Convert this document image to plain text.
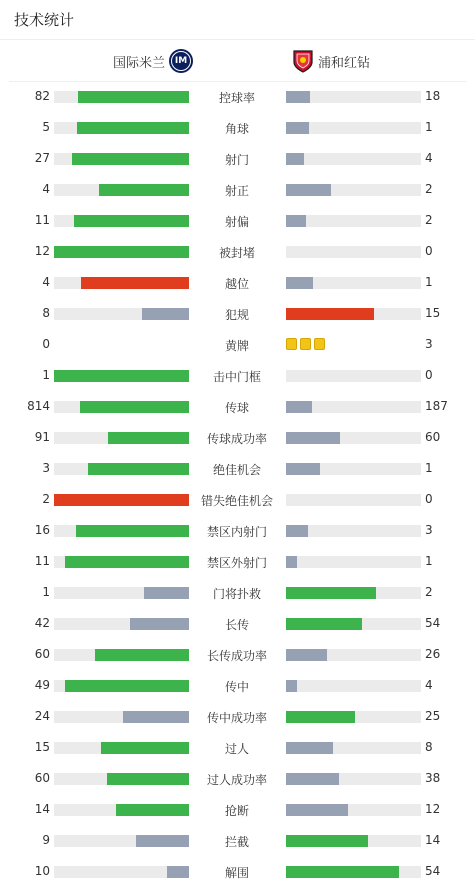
技术统计
国际米兰	IM	浦和红钻
82	控球率	18
5	角球	1
27	射门	4
4	射正	2
11	射偏	2
12	被封堵	0
4	越位	1
8	犯规	15
0	黄牌	3
1	击中门框	0
814	传球	187
91	传球成功率	60
3	绝佳机会	1
2	错失绝佳机会	0
16	禁区内射门	3
11	禁区外射门	1
1	门将扑救	2
42	长传	54
60	长传成功率	26
49	传中	4
24	传中成功率	25
15	过人	8
60	过人成功率	38
14	抢断	12
9	拦截	14
10	解围	54
